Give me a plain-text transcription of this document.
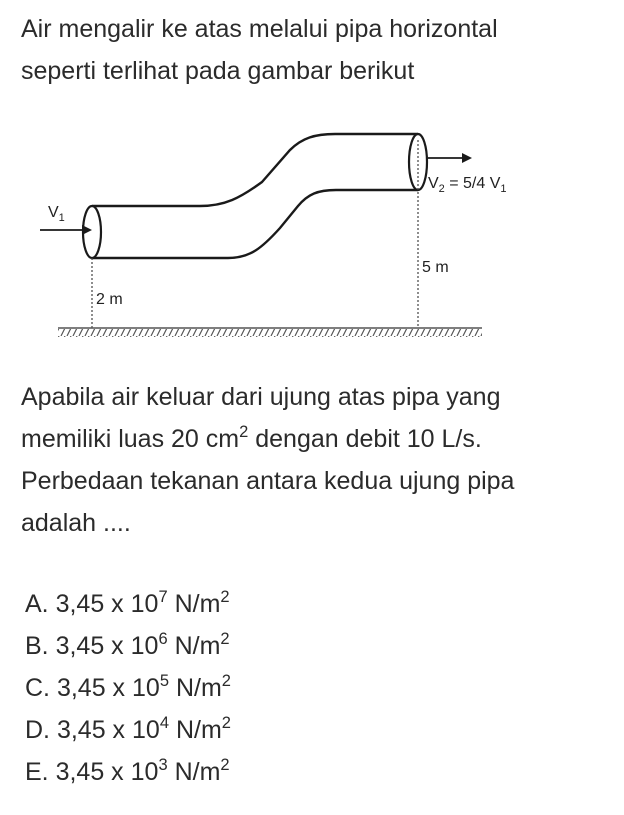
Air mengalir ke atas melalui pipa horizontal
seperti terlihat pada gambar berikut

$V_1$
$V_2 = 5/4$ $V_1$
2 m
5 m

Apabila air keluar dari ujung atas pipa yang
memiliki luas 20 $cm^2$ dengan debit 10 L/s.
Perbedaan tekanan antara kedua ujung pipa
adalah ....

A. 3,45 x $10^7$ $N/m^2$
B. 3,45 x $10^6$ $N/m^2$
C. 3,45 x $10^5$ $N/m^2$
D. 3,45 x $10^4$ $N/m^2$
E. 3,45 x $10^3$ $N/m^2$
